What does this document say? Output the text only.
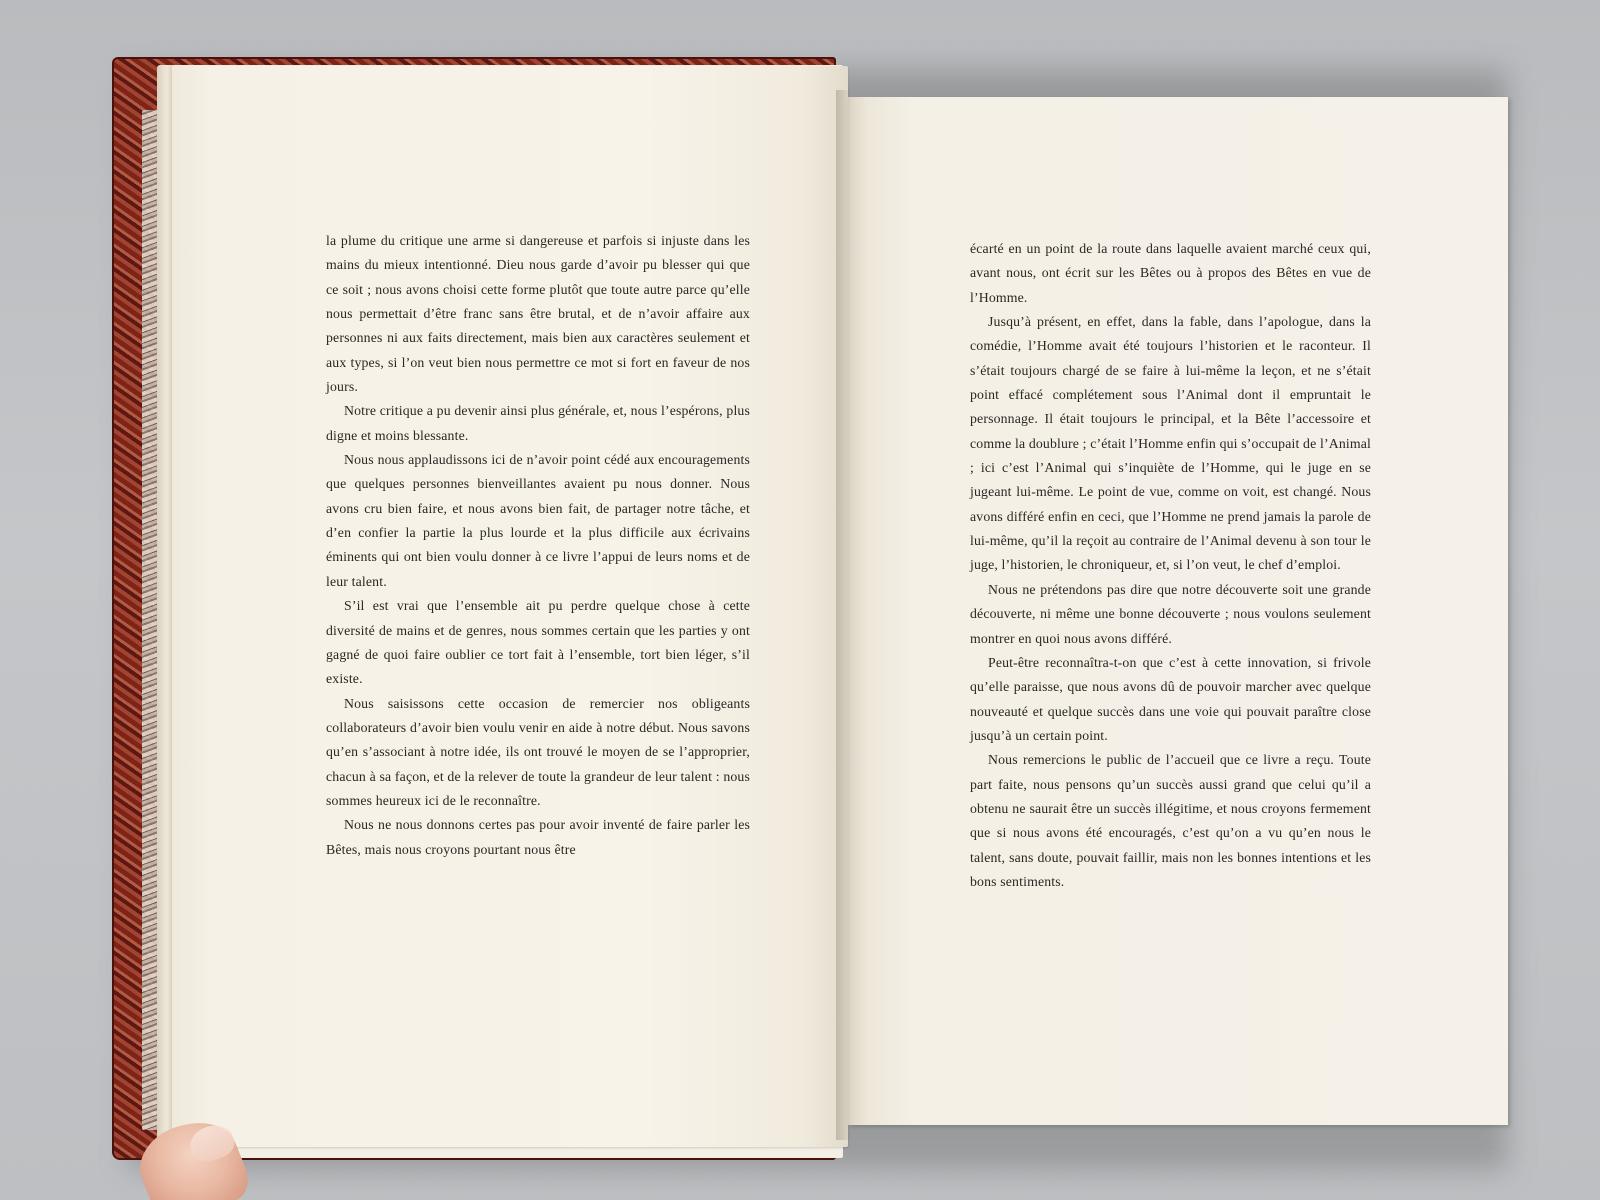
la plume du critique une arme si dangereuse et parfois si injuste dans les mains du mieux intentionné. Dieu nous garde d’avoir pu blesser qui que ce soit ; nous avons choisi cette forme plutôt que toute autre parce qu’elle nous permettait d’être franc sans être brutal, et de n’avoir affaire aux personnes ni aux faits directement, mais bien aux caractères seulement et aux types, si l’on veut bien nous permettre ce mot si fort en faveur de nos jours.

Notre critique a pu devenir ainsi plus générale, et, nous l’espérons, plus digne et moins blessante.

Nous nous applaudissons ici de n’avoir point cédé aux encouragements que quelques personnes bienveillantes avaient pu nous donner. Nous avons cru bien faire, et nous avons bien fait, de partager notre tâche, et d’en confier la partie la plus lourde et la plus difficile aux écrivains éminents qui ont bien voulu donner à ce livre l’appui de leurs noms et de leur talent.

S’il est vrai que l’ensemble ait pu perdre quelque chose à cette diversité de mains et de genres, nous sommes certain que les parties y ont gagné de quoi faire oublier ce tort fait à l’ensemble, tort bien léger, s’il existe.

Nous saisissons cette occasion de remercier nos obligeants collaborateurs d’avoir bien voulu venir en aide à notre début. Nous savons qu’en s’associant à notre idée, ils ont trouvé le moyen de se l’approprier, chacun à sa façon, et de la relever de toute la grandeur de leur talent : nous sommes heureux ici de le reconnaître.

Nous ne nous donnons certes pas pour avoir inventé de faire parler les Bêtes, mais nous croyons pourtant nous être

écarté en un point de la route dans laquelle avaient marché ceux qui, avant nous, ont écrit sur les Bêtes ou à propos des Bêtes en vue de l’Homme.

Jusqu’à présent, en effet, dans la fable, dans l’apologue, dans la comédie, l’Homme avait été toujours l’historien et le raconteur. Il s’était toujours chargé de se faire à lui-même la leçon, et ne s’était point effacé complétement sous l’Animal dont il empruntait le personnage. Il était toujours le principal, et la Bête l’accessoire et comme la doublure ; c’était l’Homme enfin qui s’occupait de l’Animal ; ici c’est l’Animal qui s’inquiète de l’Homme, qui le juge en se jugeant lui-même. Le point de vue, comme on voit, est changé. Nous avons différé enfin en ceci, que l’Homme ne prend jamais la parole de lui-même, qu’il la reçoit au contraire de l’Animal devenu à son tour le juge, l’historien, le chroniqueur, et, si l’on veut, le chef d’emploi.

Nous ne prétendons pas dire que notre découverte soit une grande découverte, ni même une bonne découverte ; nous voulons seulement montrer en quoi nous avons différé.

Peut-être reconnaîtra-t-on que c’est à cette innovation, si frivole qu’elle paraisse, que nous avons dû de pouvoir marcher avec quelque nouveauté et quelque succès dans une voie qui pouvait paraître close jusqu’à un certain point.

Nous remercions le public de l’accueil que ce livre a reçu. Toute part faite, nous pensons qu’un succès aussi grand que celui qu’il a obtenu ne saurait être un succès illégitime, et nous croyons fermement que si nous avons été encouragés, c’est qu’on a vu qu’en nous le talent, sans doute, pouvait faillir, mais non les bonnes intentions et les bons sentiments.
